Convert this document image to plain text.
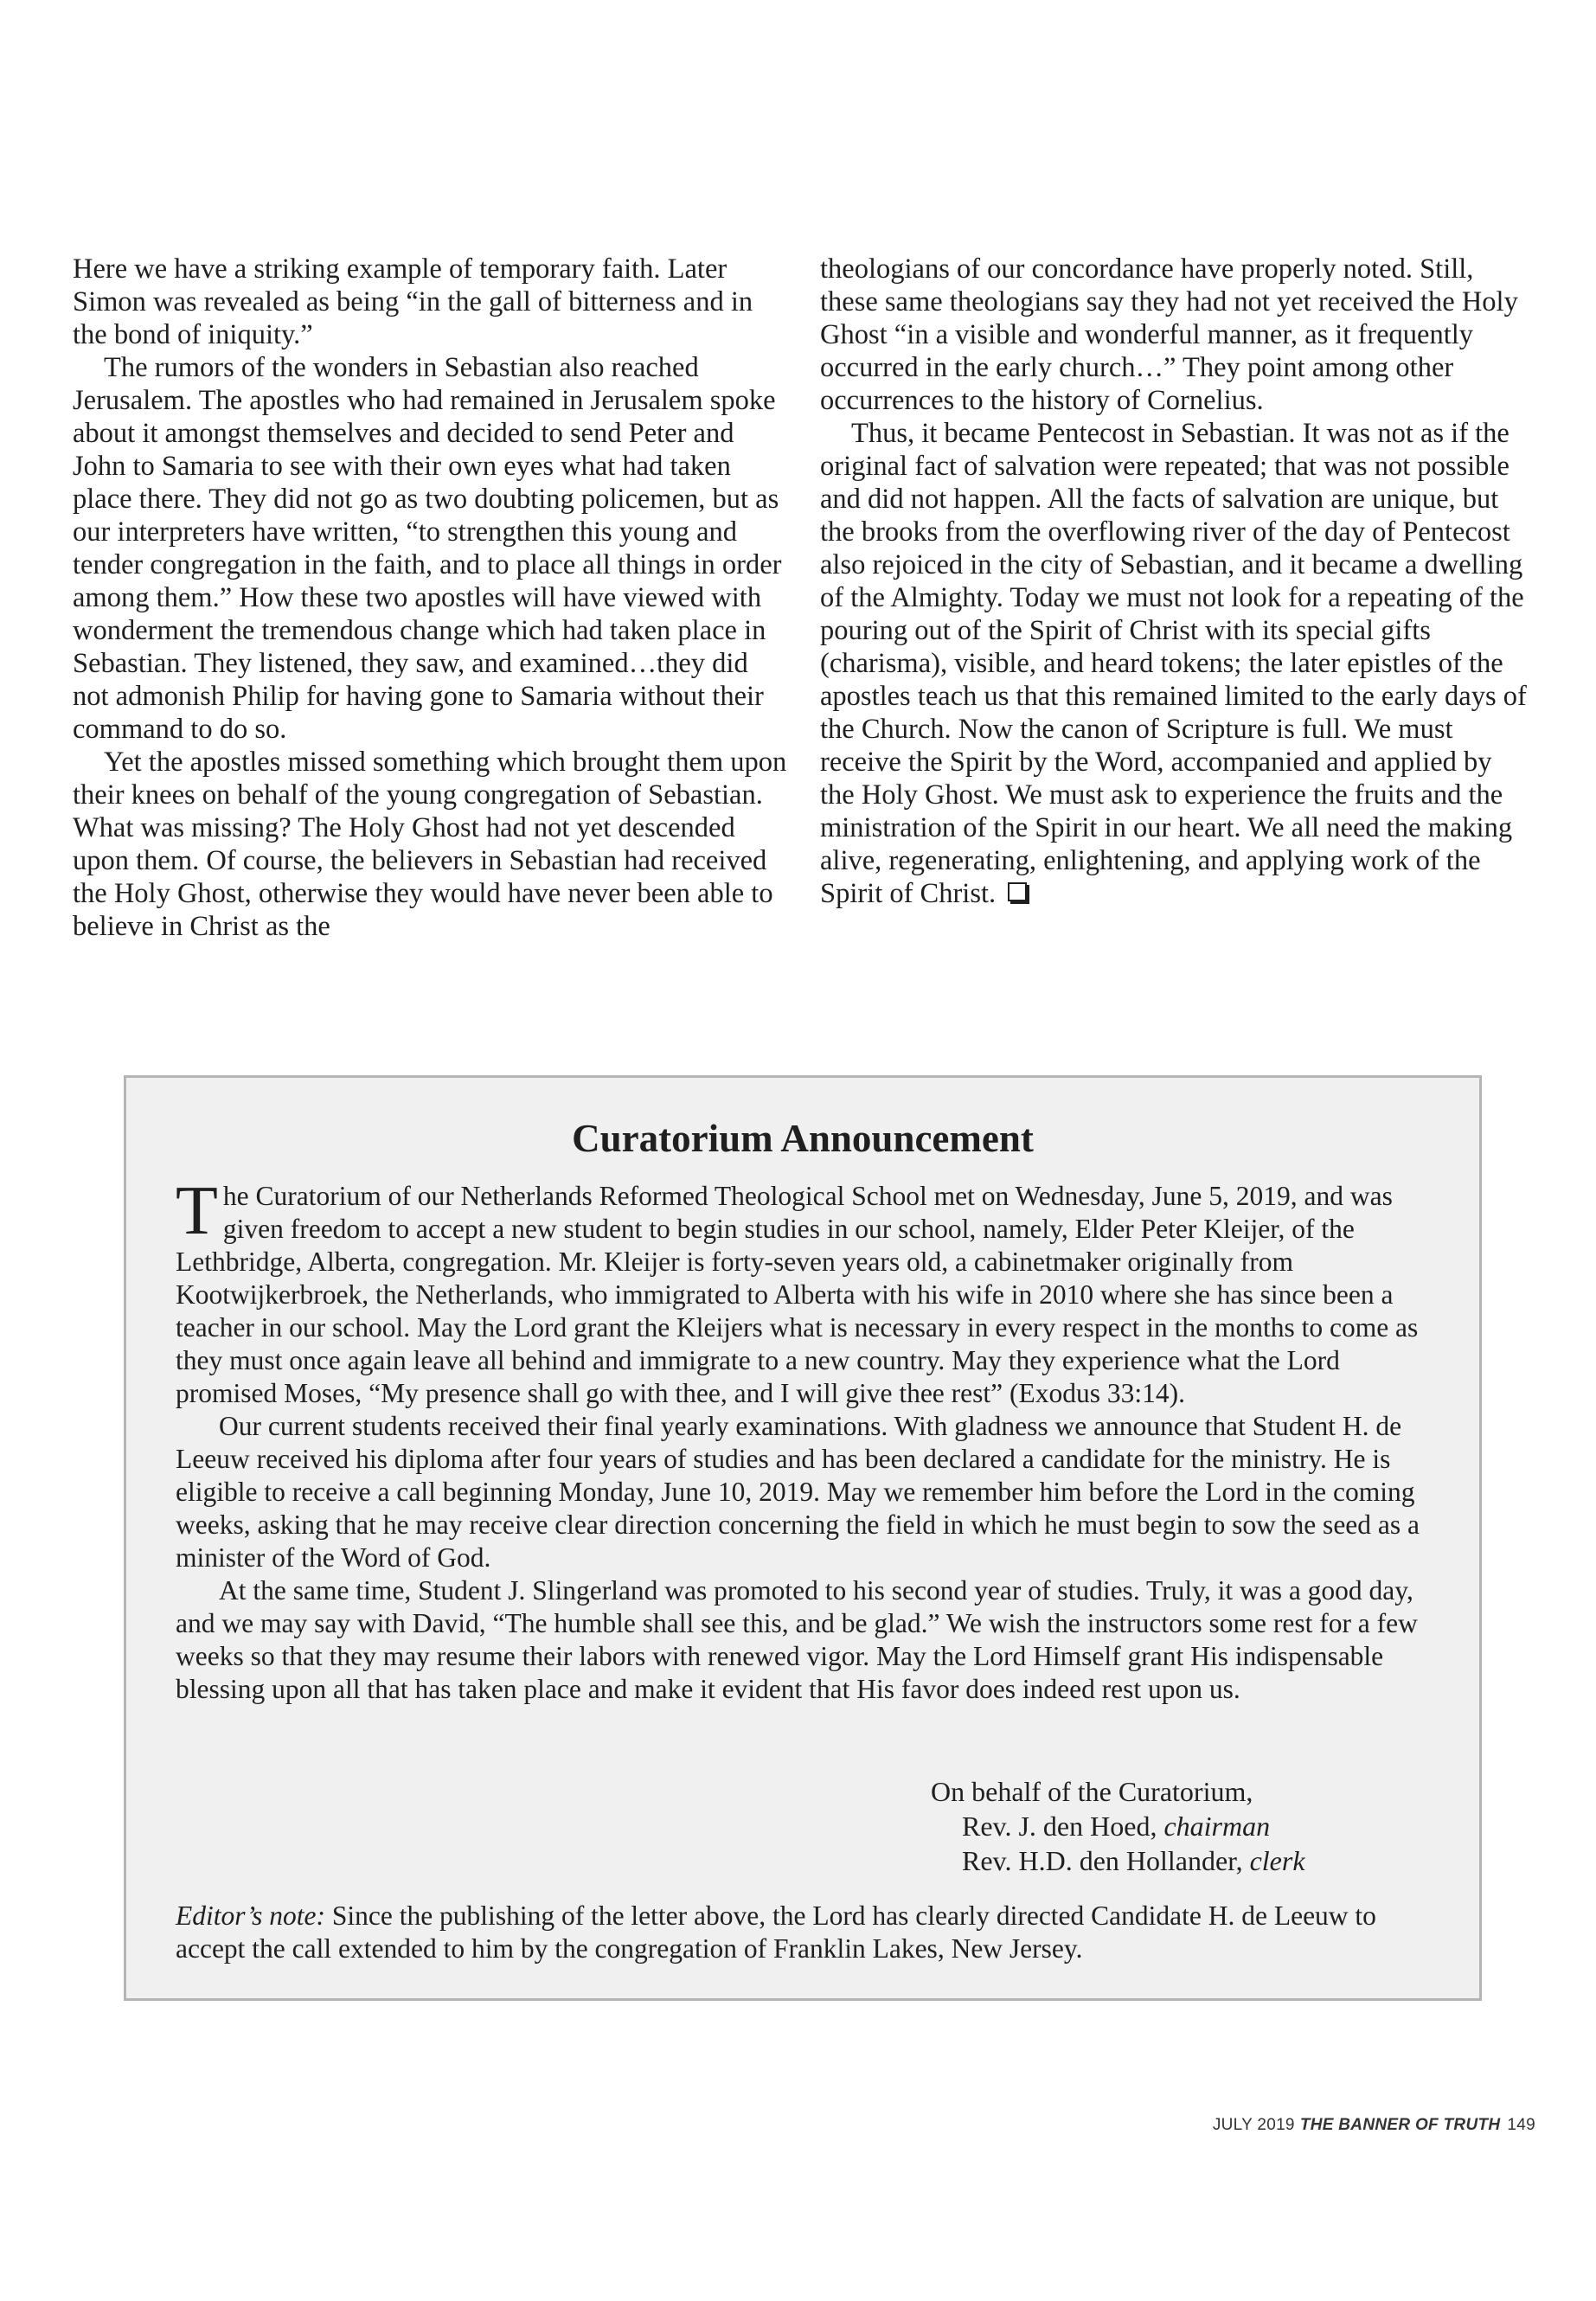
Here we have a striking example of temporary faith. Later Simon was revealed as being “in the gall of bitterness and in the bond of iniquity.”

The rumors of the wonders in Sebastian also reached Jerusalem. The apostles who had remained in Jerusalem spoke about it amongst themselves and decided to send Peter and John to Samaria to see with their own eyes what had taken place there. They did not go as two doubting policemen, but as our interpreters have written, “to strengthen this young and tender congregation in the faith, and to place all things in order among them.” How these two apostles will have viewed with wonderment the tremendous change which had taken place in Sebastian. They listened, they saw, and examined…they did not admonish Philip for having gone to Samaria without their command to do so.

Yet the apostles missed something which brought them upon their knees on behalf of the young congregation of Sebastian. What was missing? The Holy Ghost had not yet descended upon them. Of course, the believers in Sebastian had received the Holy Ghost, otherwise they would have never been able to believe in Christ as the

theologians of our concordance have properly noted. Still, these same theologians say they had not yet received the Holy Ghost “in a visible and wonderful manner, as it frequently occurred in the early church…” They point among other occurrences to the history of Cornelius.

Thus, it became Pentecost in Sebastian. It was not as if the original fact of salvation were repeated; that was not possible and did not happen. All the facts of salvation are unique, but the brooks from the overflowing river of the day of Pentecost also rejoiced in the city of Sebastian, and it became a dwelling of the Almighty. Today we must not look for a repeating of the pouring out of the Spirit of Christ with its special gifts (charisma), visible, and heard tokens; the later epistles of the apostles teach us that this remained limited to the early days of the Church. Now the canon of Scripture is full. We must receive the Spirit by the Word, accompanied and applied by the Holy Ghost. We must ask to experience the fruits and the ministration of the Spirit in our heart. We all need the making alive, regenerating, enlightening, and applying work of the Spirit of Christ.

Curatorium Announcement

The Curatorium of our Netherlands Reformed Theological School met on Wednesday, June 5, 2019, and was given freedom to accept a new student to begin studies in our school, namely, Elder Peter Kleijer, of the Lethbridge, Alberta, congregation. Mr. Kleijer is forty-seven years old, a cabinetmaker originally from Kootwijkerbroek, the Netherlands, who immigrated to Alberta with his wife in 2010 where she has since been a teacher in our school. May the Lord grant the Kleijers what is necessary in every respect in the months to come as they must once again leave all behind and immigrate to a new country. May they experience what the Lord promised Moses, “My presence shall go with thee, and I will give thee rest” (Exodus 33:14).

Our current students received their final yearly examinations. With gladness we announce that Student H. de Leeuw received his diploma after four years of studies and has been declared a candidate for the ministry. He is eligible to receive a call beginning Monday, June 10, 2019. May we remember him before the Lord in the coming weeks, asking that he may receive clear direction concerning the field in which he must begin to sow the seed as a minister of the Word of God.

At the same time, Student J. Slingerland was promoted to his second year of studies. Truly, it was a good day, and we may say with David, “The humble shall see this, and be glad.” We wish the instructors some rest for a few weeks so that they may resume their labors with renewed vigor. May the Lord Himself grant His indispensable blessing upon all that has taken place and make it evident that His favor does indeed rest upon us.

On behalf of the Curatorium,
Rev. J. den Hoed, chairman
Rev. H.D. den Hollander, clerk
Editor’s note: Since the publishing of the letter above, the Lord has clearly directed Candidate H. de Leeuw to accept the call extended to him by the congregation of Franklin Lakes, New Jersey.
JULY 2019 THE BANNER OF TRUTH 149
